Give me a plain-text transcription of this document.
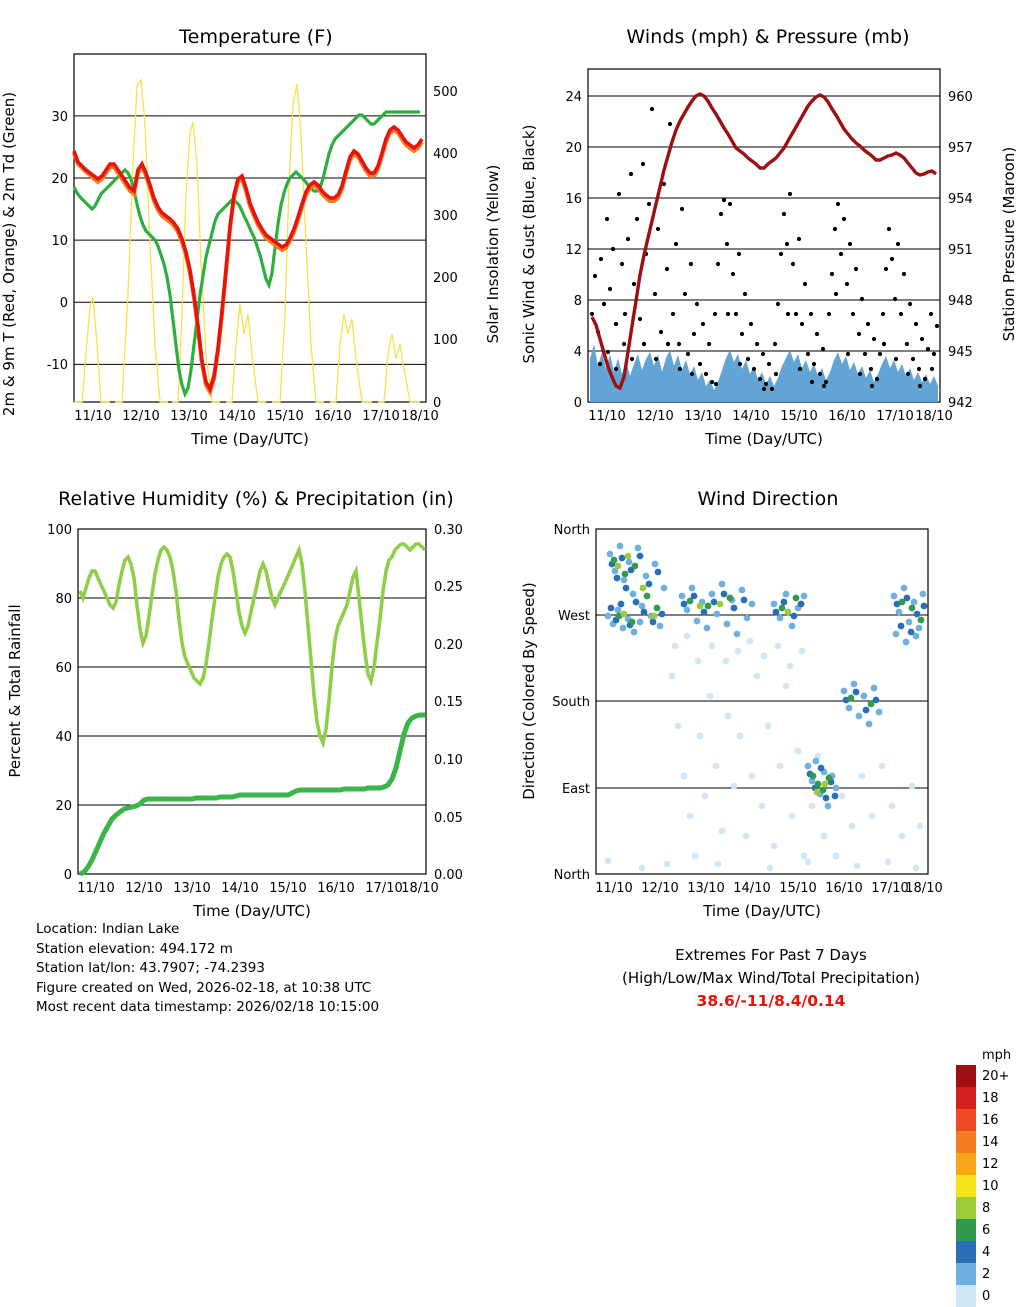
Temperature (F)
2m & 9m T (Red, Orange) & 2m Td (Green)	Solar Insolation (Yellow)
-10
0
10
20
30
0
100
200
300
400
500
11/10 12/10 13/10 14/10 15/10 16/10 17/10 18/10
Time (Day/UTC)
Winds (mph) & Pressure (mb)
Sonic Wind & Gust (Blue, Black)	Station Pressure (Maroon)
0
4
8
12
16
20
24
942
945
948
951
954
957
960
11/10 12/10 13/10 14/10 15/10 16/10 17/10 18/10
Time (Day/UTC)
Relative Humidity (%) & Precipitation (in)
Percent & Total Rainfall
0
20
40
60
80
100
0.00
0.05
0.10
0.15
0.20
0.25
0.30
11/10 12/10 13/10 14/10 15/10 16/10 17/10
18/10
Time (Day/UTC)
Wind Direction
Direction (Colored By Speed)
North
West
South
East
North
11/10 12/10 13/10 14/10 15/10 16/10 17/10
18/10
Time (Day/UTC)
mph
20+
18
16
14
12
10
8
6
4
2
0
Location: Indian Lake
Station elevation: 494.172 m
Station lat/lon: 43.7907; -74.2393
Figure created on Wed, 2026-02-18, at 10:38 UTC
Most recent data timestamp: 2026/02/18 10:15:00
Extremes For Past 7 Days
(High/Low/Max Wind/Total Precipitation)
38.6/-11/8.4/0.14
